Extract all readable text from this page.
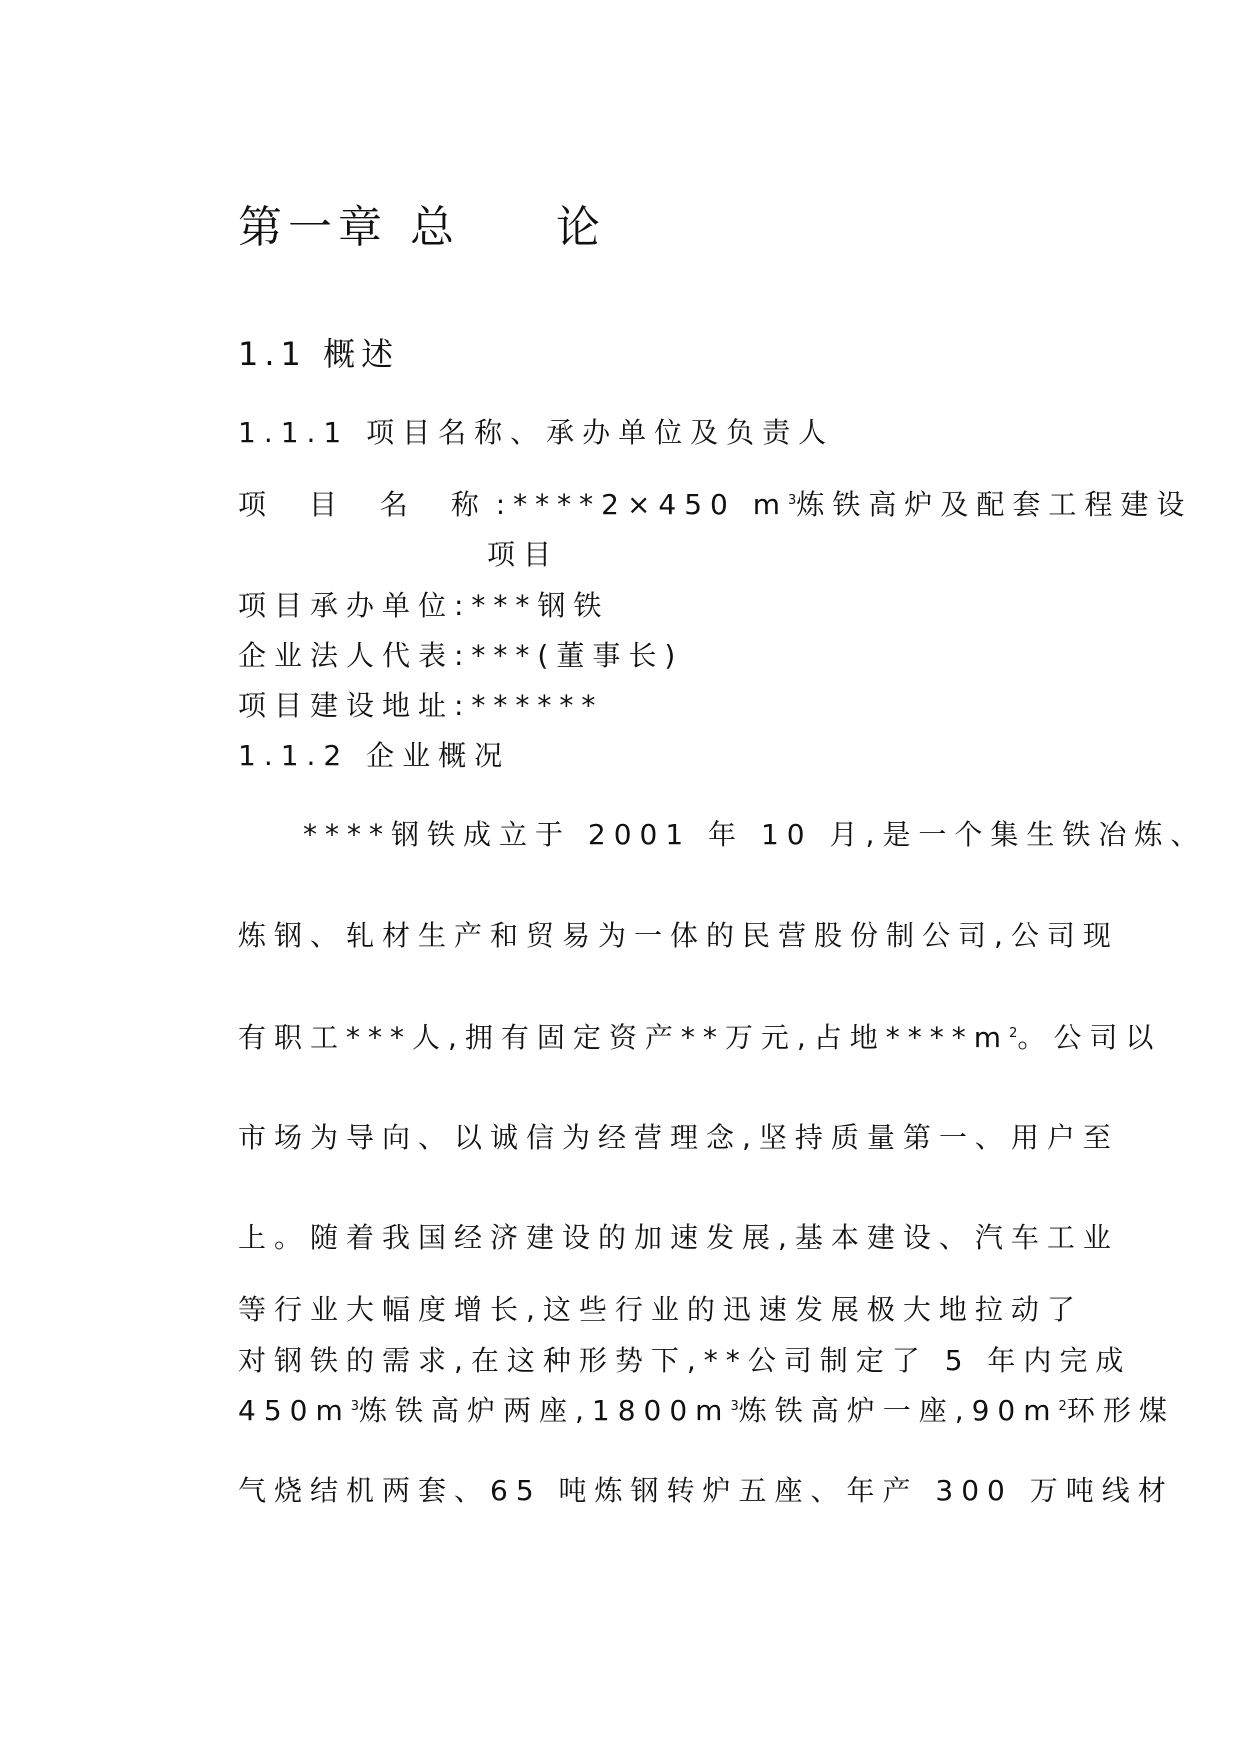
第一章 总 论
1.1 概述
1.1.1 项目名称、承办单位及负责人
项 目 名 称:****2×450 $m^3$炼铁高炉及配套工程建设
项目
项目承办单位:***钢铁
企业法人代表:***(董事长)
项目建设地址:******
1.1.2 企业概况
****钢铁成立于 2001 年 10 月,是一个集生铁冶炼、
炼钢、轧材生产和贸易为一体的民营股份制公司,公司现
有职工***人,拥有固定资产**万元,占地$****m^2$。公司以
市场为导向、以诚信为经营理念,坚持质量第一、用户至
上。随着我国经济建设的加速发展,基本建设、汽车工业
等行业大幅度增长,这些行业的迅速发展极大地拉动了
对钢铁的需求,在这种形势下,**公司制定了 5 年内完成
$450m^3$炼铁高炉两座$,1800m^3$炼铁高炉一座$,90m^2$环形煤
气烧结机两套、65 吨炼钢转炉五座、年产 300 万吨线材
